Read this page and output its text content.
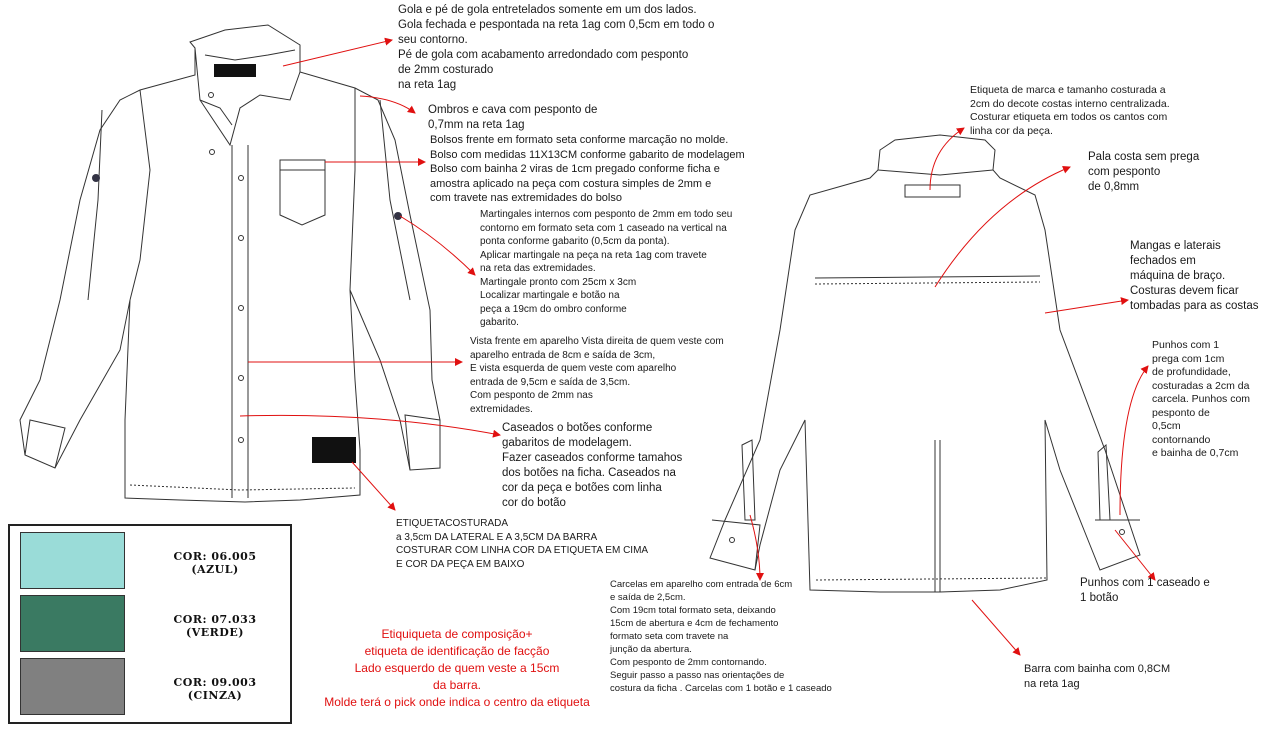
Gola e pé de gola entretelados somente em um dos lados.
Gola fechada e pespontada na reta 1ag com 0,5cm em todo o
seu contorno.
Pé de gola com acabamento arredondado com pesponto
de 2mm costurado
na reta 1ag
Ombros e cava com pesponto de
0,7mm na reta 1ag
Bolsos frente em formato seta conforme marcação no molde.
Bolso com medidas 11X13CM conforme gabarito de modelagem
Bolso com bainha 2 viras de 1cm pregado conforme ficha e
amostra aplicado na peça com costura simples de 2mm e
com travete nas extremidades do bolso
Martingales internos com pesponto de 2mm em todo seu
contorno em formato seta com 1 caseado na vertical na
ponta conforme gabarito (0,5cm da ponta).
Aplicar martingale na peça na reta 1ag com travete
na reta das extremidades.
Martingale pronto com 25cm x 3cm
Localizar martingale e botão na
peça a 19cm do ombro conforme
gabarito.
Vista frente em aparelho Vista direita de quem veste com
aparelho entrada de 8cm e saída de 3cm,
E vista esquerda de quem veste com aparelho
entrada de 9,5cm e saída de 3,5cm.
Com pesponto de 2mm nas
extremidades.
Caseados o botões conforme
gabaritos de modelagem.
Fazer caseados conforme tamahos
dos botões na ficha. Caseados na
cor da peça e botões com linha
cor do botão
ETIQUETACOSTURADA
a 3,5cm DA LATERAL E A 3,5CM DA BARRA
COSTURAR COM LINHA COR DA ETIQUETA EM CIMA
E COR DA PEÇA EM BAIXO
Etiquiqueta de composição+
etiqueta de identificação de facção
Lado esquerdo de quem veste a 15cm
da barra.
Molde terá o pick onde indica o centro da etiqueta
Etiqueta de marca e tamanho costurada a
2cm do decote costas interno centralizada.
Costurar etiqueta em todos os cantos com
linha cor da peça.
Pala costa sem prega
com pesponto
de 0,8mm
Mangas e laterais
fechados em
máquina de braço.
Costuras devem ficar
tombadas para as costas
Punhos com 1
prega com 1cm
de profundidade,
costuradas a 2cm da
carcela. Punhos com
pesponto de
0,5cm
contornando
e bainha de 0,7cm
Punhos com 1 caseado e
1 botão
Carcelas em aparelho com entrada de 6cm
e saída de 2,5cm.
Com 19cm total formato seta, deixando
15cm de abertura e 4cm de fechamento
formato seta com travete na
junção da abertura.
Com pesponto de 2mm contornando.
Seguir passo a passo nas orientações de
costura da ficha . Carcelas com 1 botão e 1 caseado
Barra com bainha com 0,8CM
na reta 1ag
COR: 06.005
(AZUL)
COR: 07.033
(VERDE)
COR: 09.003
(CINZA)
